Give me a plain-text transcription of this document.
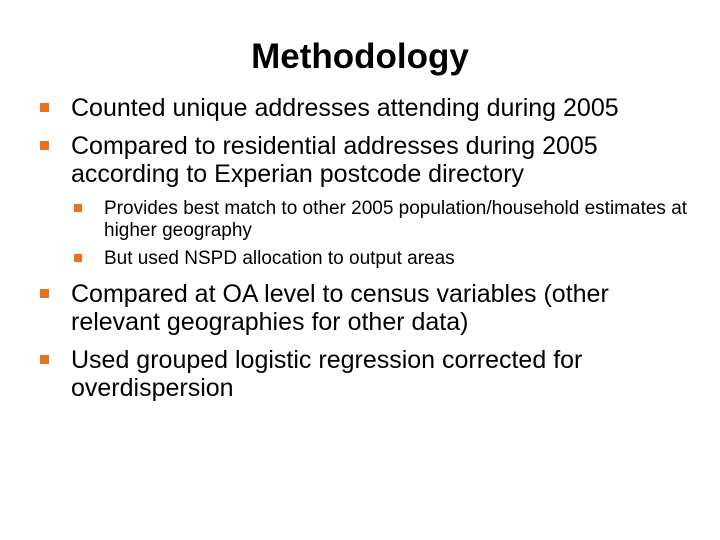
Methodology
Counted unique addresses attending during 2005
Compared to residential addresses during 2005 according to Experian postcode directory
Provides best match to other 2005 population/household estimates at higher geography
But used NSPD allocation to output areas
Compared at OA level to census variables (other relevant geographies for other data)
Used grouped logistic regression corrected for overdispersion
